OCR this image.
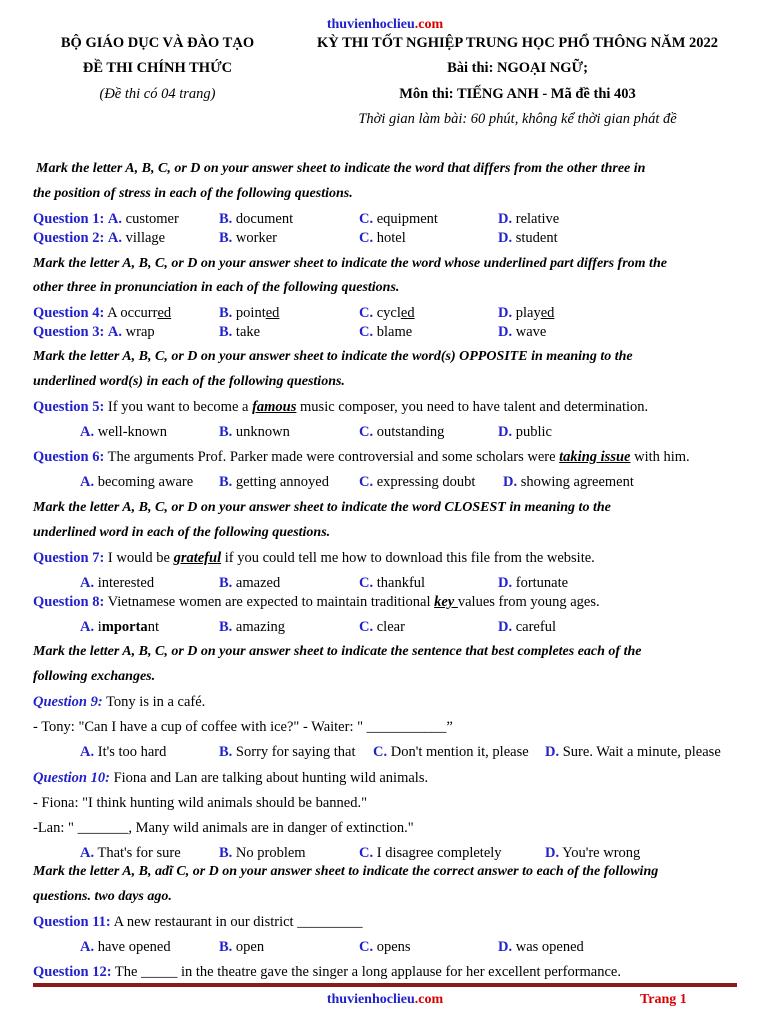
thuvienhoclieu.com
BỘ GIÁO DỤC VÀ ĐÀO TẠO
ĐỀ THI CHÍNH THỨC
(Đề thi có 04 trang)
KỲ THI TỐT NGHIỆP TRUNG HỌC PHỔ THÔNG NĂM 2022
Bài thi: NGOẠI NGỮ;
Môn thi: TIẾNG ANH - Mã đề thi 403
Thời gian làm bài: 60 phút, không kể thời gian phát đề
Mark the letter A, B, C, or D on your answer sheet to indicate the word that differs from the other three in
the position of stress in each of the following questions.
Question 1: A. customer	B. document	C. equipment	D. relative
Question 2: A. village	B. worker	C. hotel	D. student
Mark the letter A, B, C, or D on your answer sheet to indicate the word whose underlined part differs from the
other three in pronunciation in each of the following questions.
Question 4: A occurred	B. pointed	C. cycled	D. played
Question 3: A. wrap	B. take	C. blame	D. wave
Mark the letter A, B, C, or D on your answer sheet to indicate the word(s) OPPOSITE in meaning to the
underlined word(s) in each of the following questions.
Question 5: If you want to become a famous music composer, you need to have talent and determination.
A. well-known	B. unknown	C. outstanding	D. public
Question 6: The arguments Prof. Parker made were controversial and some scholars were taking issue with him.
A. becoming aware B. getting annoyed C. expressing doubt D. showing agreement
Mark the letter A, B, C, or D on your answer sheet to indicate the word CLOSEST in meaning to the
underlined word in each of the following questions.
Question 7: I would be grateful if you could tell me how to download this file from the website.
A. interested	B. amazed	C. thankful	D. fortunate
Question 8: Vietnamese women are expected to maintain traditional key values from young ages.
A. important	B. amazing	C. clear	D. careful
Mark the letter A, B, C, or D on your answer sheet to indicate the sentence that best completes each of the
following exchanges.
Question 9: Tony is in a café.
- Tony: "Can I have a cup of coffee with ice?" - Waiter: " ___________”
A. It's too hard	B. Sorry for saying that C. Don't mention it, please D. Sure. Wait a minute, please
Question 10: Fiona and Lan are talking about hunting wild animals.
- Fiona: "I think hunting wild animals should be banned."
-Lan: " _______, Many wild animals are in danger of extinction."
A. That's for sure	B. No problem	C. I disagree completely	D. You're wrong
Mark the letter A, B, adĩ C, or D on your answer sheet to indicate the correct answer to each of the following
questions. two days ago.
Question 11: A new restaurant in our district _________
A. have opened	B. open	C. opens	D. was opened
Question 12: The _____ in the theatre gave the singer a long applause for her excellent performance.
thuvienhoclieu.com	Trang 1
